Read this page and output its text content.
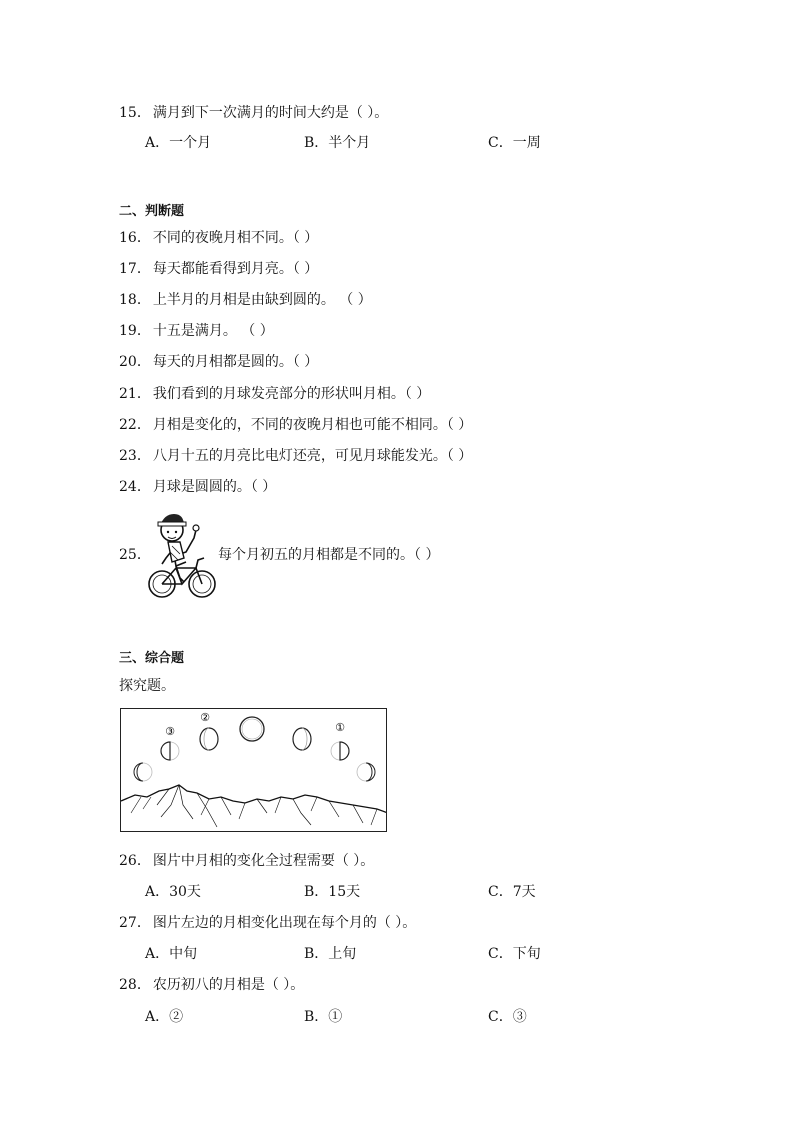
15． 满月到下一次满月的时间大约是（ ）。
A．一个月	B．半个月	C．一周
二、判断题
16． 不同的夜晚月相不同。（ ）
17． 每天都能看得到月亮。（ ）
18． 上半月的月相是由缺到圆的。 （ ）
19． 十五是满月。 （ ）
20． 每天的月相都是圆的。（ ）
21． 我们看到的月球发亮部分的形状叫月相。（ ）
22． 月相是变化的，不同的夜晚月相也可能不相同。（ ）
23． 八月十五的月亮比电灯还亮，可见月球能发光。（ ）
24． 月球是圆圆的。（ ）
25．	每个月初五的月相都是不同的。（ ）
三、综合题
探究题。
③
②
①
26． 图片中月相的变化全过程需要（ ）。
A．30天	B．15天	C．7天
27． 图片左边的月相变化出现在每个月的（ ）。
A．中旬	B．上旬	C．下旬
28． 农历初八的月相是（ ）。
A．②	B．①	C．③
